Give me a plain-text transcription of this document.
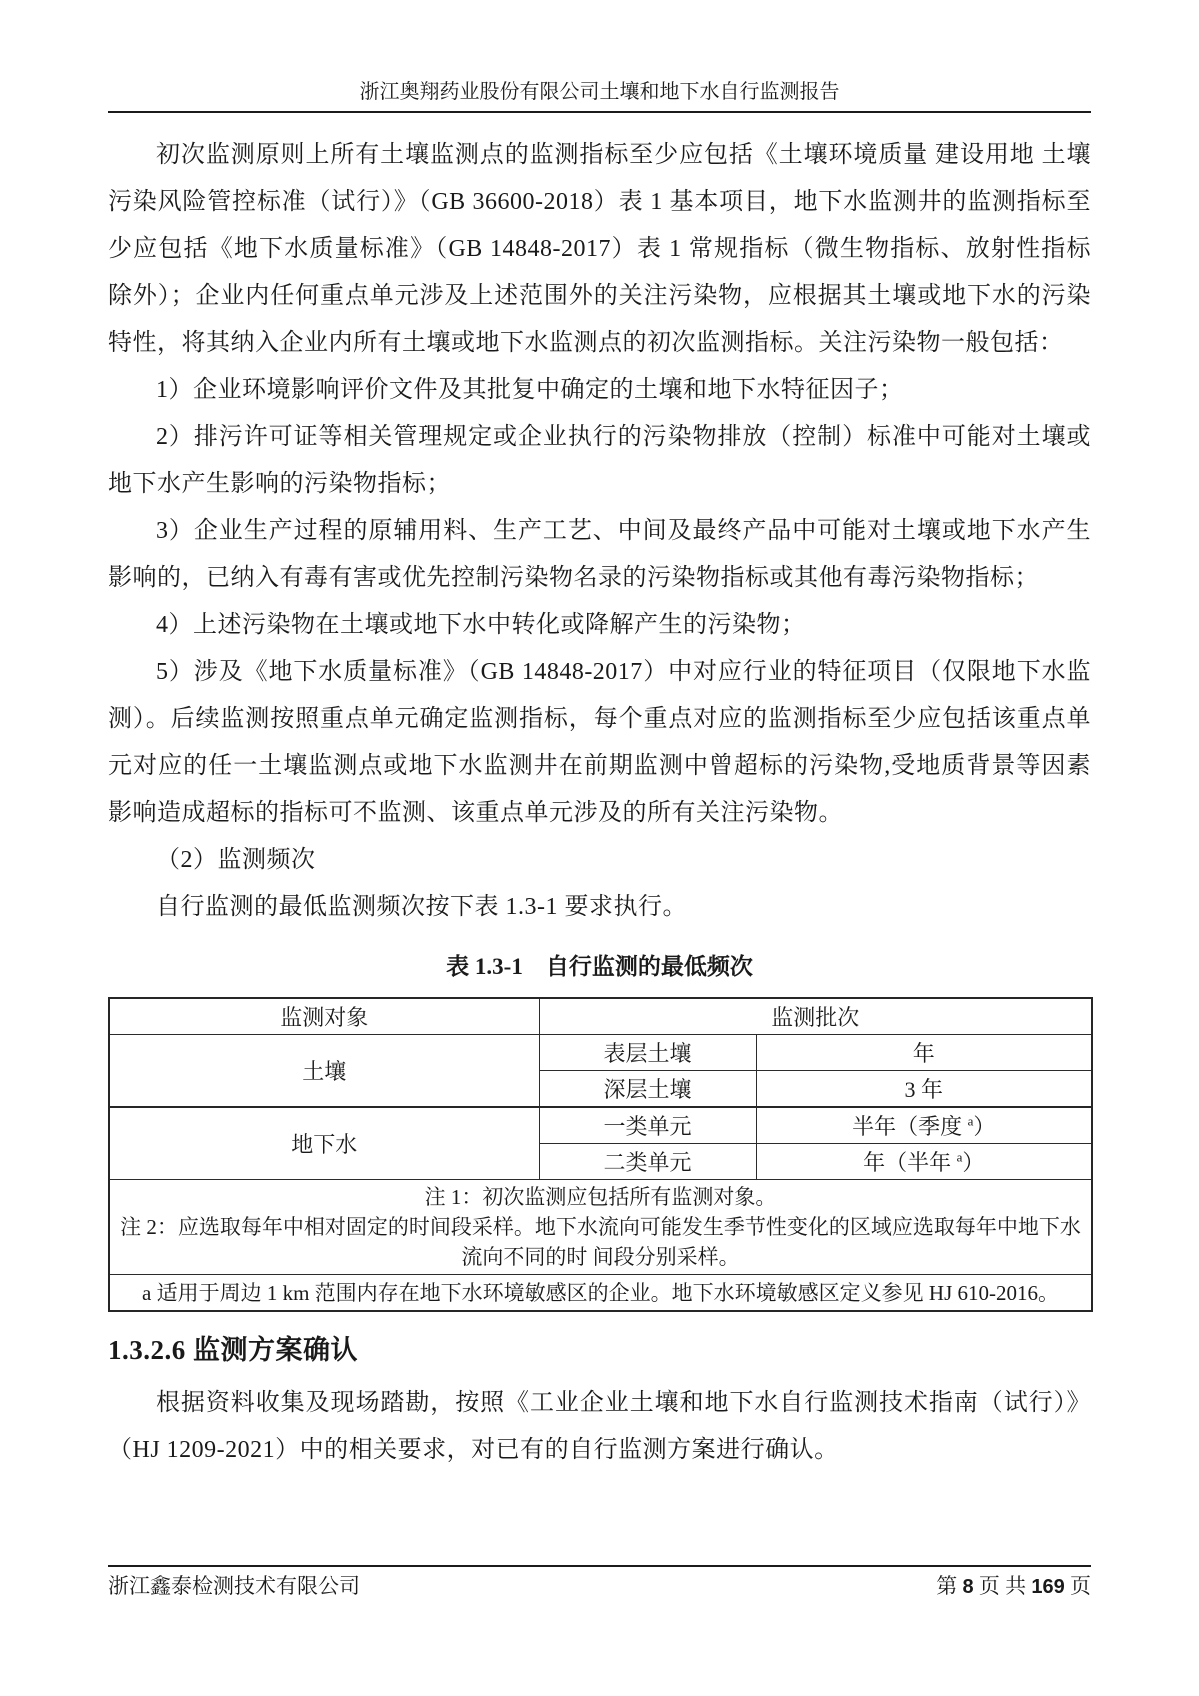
浙江奥翔药业股份有限公司土壤和地下水自行监测报告

初次监测原则上所有土壤监测点的监测指标至少应包括《土壤环境质量 建设用地 土壤污染风险管控标准（试行）》（GB 36600-2018）表 1 基本项目，地下水监测井的监测指标至少应包括《地下水质量标准》（GB 14848-2017）表 1 常规指标（微生物指标、放射性指标除外）；企业内任何重点单元涉及上述范围外的关注污染物，应根据其土壤或地下水的污染特性，将其纳入企业内所有土壤或地下水监测点的初次监测指标。关注污染物一般包括：

1）企业环境影响评价文件及其批复中确定的土壤和地下水特征因子；

2）排污许可证等相关管理规定或企业执行的污染物排放（控制）标准中可能对土壤或地下水产生影响的污染物指标；

3）企业生产过程的原辅用料、生产工艺、中间及最终产品中可能对土壤或地下水产生影响的，已纳入有毒有害或优先控制污染物名录的污染物指标或其他有毒污染物指标；

4）上述污染物在土壤或地下水中转化或降解产生的污染物；

5）涉及《地下水质量标准》（GB 14848-2017）中对应行业的特征项目（仅限地下水监测）。后续监测按照重点单元确定监测指标，每个重点对应的监测指标至少应包括该重点单元对应的任一土壤监测点或地下水监测井在前期监测中曾超标的污染物,受地质背景等因素影响造成超标的指标可不监测、该重点单元涉及的所有关注污染物。

（2）监测频次

自行监测的最低监测频次按下表 1.3-1 要求执行。

表 1.3-1　自行监测的最低频次
监测对象	监测批次	
土壤	表层土壤	年
	深层土壤	3 年
地下水	一类单元	半年（季度 $^a$）
	二类单元	年（半年 $^a$）

注 1：初次监测应包括所有监测对象。
注 2：应选取每年中相对固定的时间段采样。地下水流向可能发生季节性变化的区域应选取每年中地下水流向不同的时 间段分别采样。		

a 适用于周边 1 km 范围内存在地下水环境敏感区的企业。地下水环境敏感区定义参见 HJ 610-2016。		
1.3.2.6 监测方案确认

根据资料收集及现场踏勘，按照《工业企业土壤和地下水自行监测技术指南（试行）》（HJ 1209-2021）中的相关要求，对已有的自行监测方案进行确认。

浙江鑫泰检测技术有限公司	第 8 页 共 169 页
